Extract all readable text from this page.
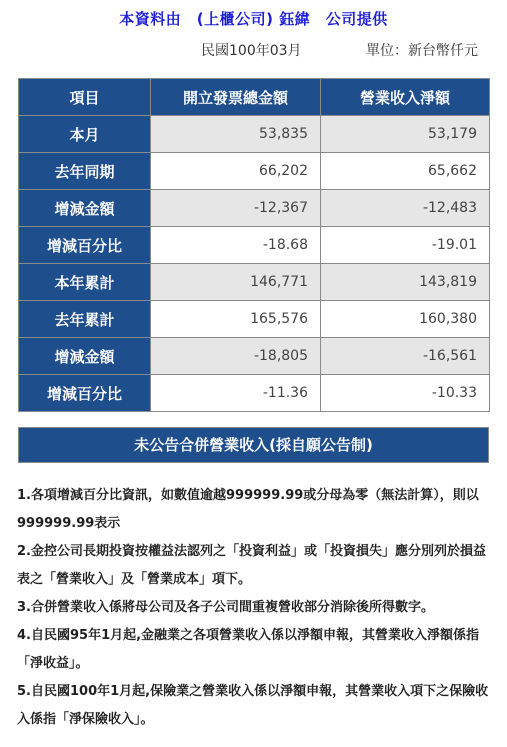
本資料由　(上櫃公司) 鈺緯　公司提供
民國100年03月	單位：新台幣仟元
項目	開立發票總金額	營業收入淨額
本月	53,835	53,179
去年同期	66,202	65,662
增減金額	-12,367	-12,483
增減百分比	-18.68	-19.01
本年累計	146,771	143,819
去年累計	165,576	160,380
增減金額	-18,805	-16,561
增減百分比	-11.36	-10.33
未公告合併營業收入(採自願公告制)
1.各項增減百分比資訊，如數值逾越999999.99或分母為零（無法計算），則以999999.99表示
2.金控公司長期投資按權益法認列之「投資利益」或「投資損失」應分別列於損益表之「營業收入」及「營業成本」項下。
3.合併營業收入係將母公司及各子公司間重複營收部分消除後所得數字。
4.自民國95年1月起,金融業之各項營業收入係以淨額申報，其營業收入淨額係指「淨收益」。
5.自民國100年1月起,保險業之營業收入係以淨額申報，其營業收入項下之保險收入係指「淨保險收入」。
